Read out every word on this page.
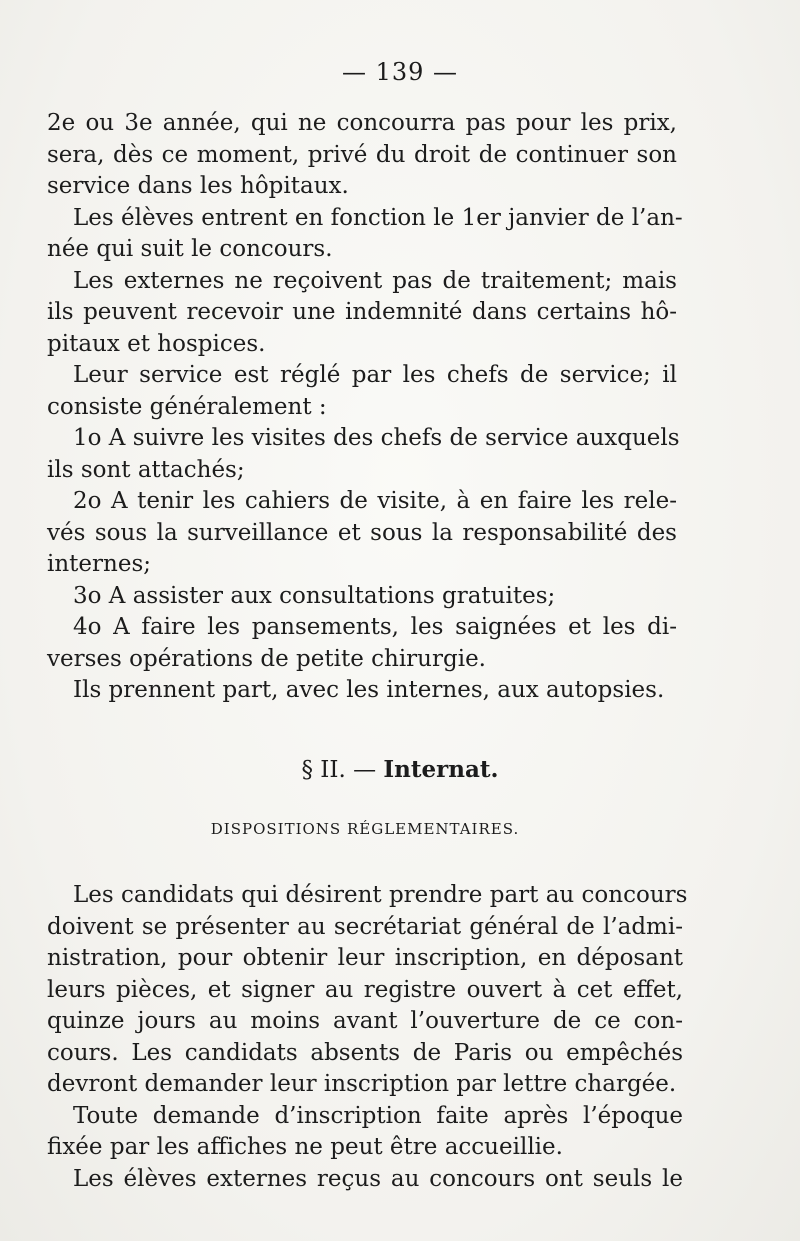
— 139 —
2e ou 3e année, qui ne concourra pas pour les prix,
sera, dès ce moment, privé du droit de continuer son
service dans les hôpitaux.
Les élèves entrent en fonction le 1er janvier de l’an-
née qui suit le concours.
Les externes ne reçoivent pas de traitement; mais
ils peuvent recevoir une indemnité dans certains hô-
pitaux et hospices.
Leur service est réglé par les chefs de service; il
consiste généralement :
1o A suivre les visites des chefs de service auxquels
ils sont attachés;
2o A tenir les cahiers de visite, à en faire les rele-
vés sous la surveillance et sous la responsabilité des
internes;
3o A assister aux consultations gratuites;
4o A faire les pansements, les saignées et les di-
verses opérations de petite chirurgie.
Ils prennent part, avec les internes, aux autopsies.
§ II. — Internat.
DISPOSITIONS RÉGLEMENTAIRES.
Les candidats qui désirent prendre part au concours
doivent se présenter au secrétariat général de l’admi-
nistration, pour obtenir leur inscription, en déposant
leurs pièces, et signer au registre ouvert à cet effet,
quinze jours au moins avant l’ouverture de ce con-
cours. Les candidats absents de Paris ou empêchés
devront demander leur inscription par lettre chargée.
Toute demande d’inscription faite après l’époque
fixée par les affiches ne peut être accueillie.
Les élèves externes reçus au concours ont seuls le
